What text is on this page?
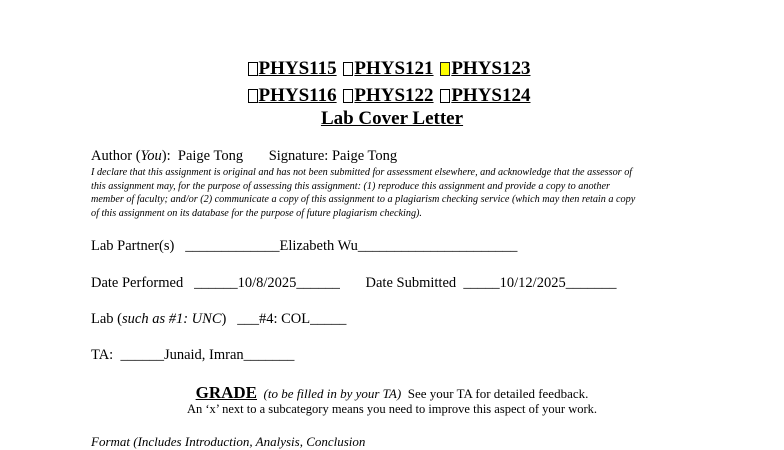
PHYS115 PHYS121 PHYS123
PHYS116 PHYS122 PHYS124
Lab Cover Letter
Author (You): Paige Tong Signature: Paige Tong
I declare that this assignment is original and has not been submitted for assessment elsewhere, and acknowledge that the assessor of this assignment may, for the purpose of assessing this assignment: (1) reproduce this assignment and provide a copy to another member of faculty; and/or (2) communicate a copy of this assignment to a plagiarism checking service (which may then retain a copy of this assignment on its database for the purpose of future plagiarism checking).
Lab Partner(s) _____________Elizabeth Wu______________________
Date Performed ______10/8/2025______ Date Submitted _____10/12/2025_______
Lab (such as #1: UNC) ___#4: COL_____
TA: ______Junaid, Imran_______
GRADE (to be filled in by your TA) See your TA for detailed feedback.
An ‘x’ next to a subcategory means you need to improve this aspect of your work.
Format (Includes Introduction, Analysis, Conclusion
